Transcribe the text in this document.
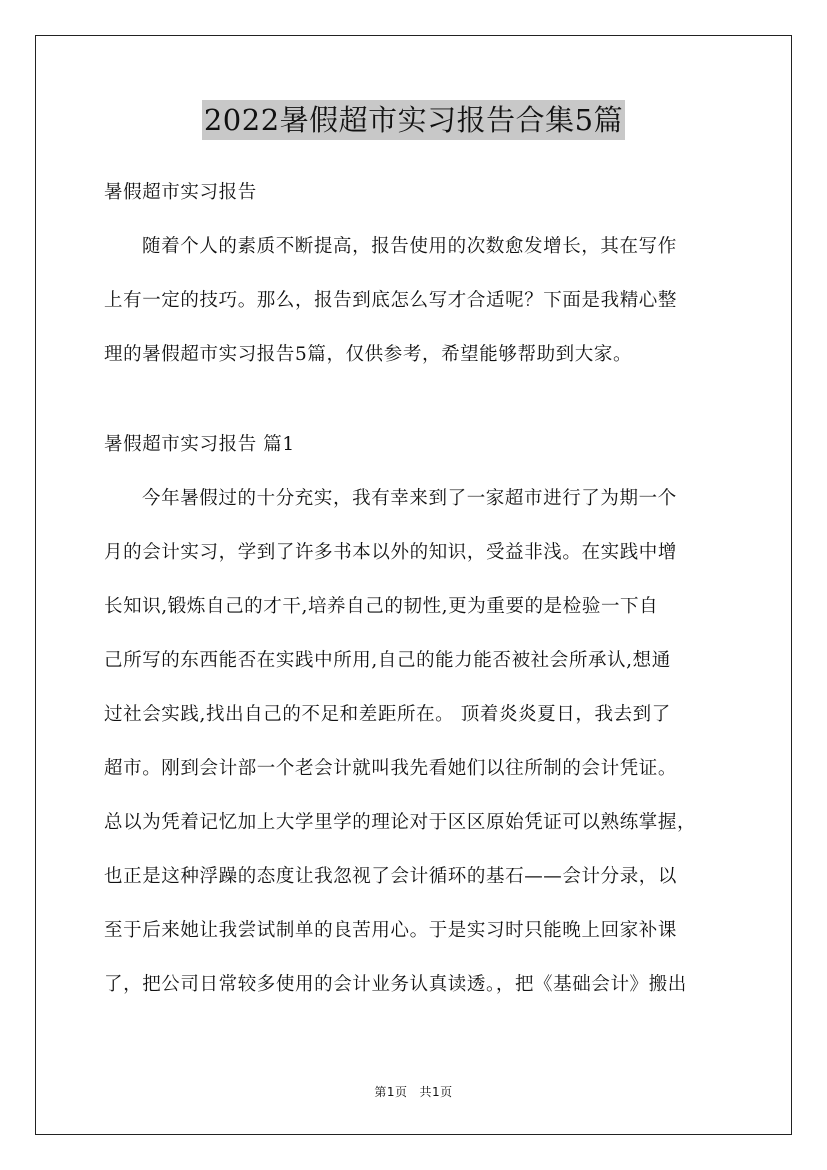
2022暑假超市实习报告合集5篇
暑假超市实习报告
随着个人的素质不断提高，报告使用的次数愈发增长，其在写作
上有一定的技巧。那么，报告到底怎么写才合适呢？下面是我精心整
理的暑假超市实习报告5篇，仅供参考，希望能够帮助到大家。
暑假超市实习报告 篇1
今年暑假过的十分充实，我有幸来到了一家超市进行了为期一个
月的会计实习，学到了许多书本以外的知识，受益非浅。在实践中增
长知识,锻炼自己的才干,培养自己的韧性,更为重要的是检验一下自
己所写的东西能否在实践中所用,自己的能力能否被社会所承认,想通
过社会实践,找出自己的不足和差距所在。 顶着炎炎夏日，我去到了
超市。刚到会计部一个老会计就叫我先看她们以往所制的会计凭证。
总以为凭着记忆加上大学里学的理论对于区区原始凭证可以熟练掌握，
也正是这种浮躁的态度让我忽视了会计循环的基石——会计分录，以
至于后来她让我尝试制单的良苦用心。于是实习时只能晚上回家补课
了，把公司日常较多使用的会计业务认真读透。，把《基础会计》搬出
第1页 共1页
